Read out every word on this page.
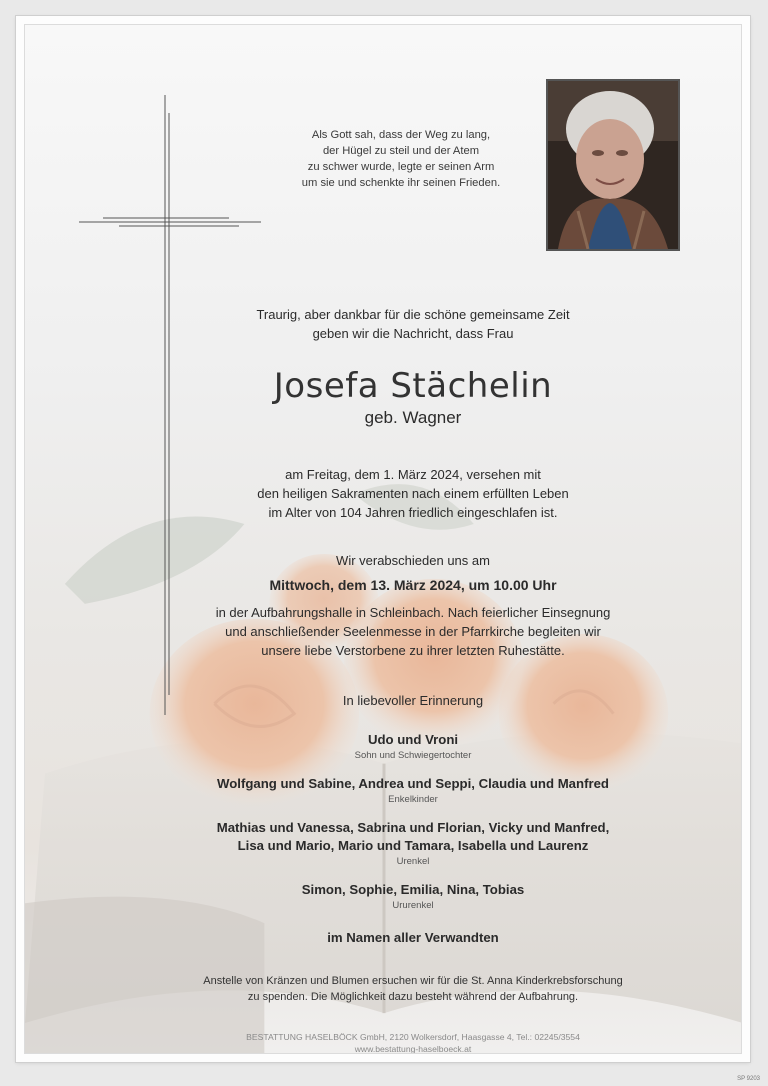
Als Gott sah, dass der Weg zu lang,
der Hügel zu steil und der Atem
zu schwer wurde, legte er seinen Arm
um sie und schenkte ihr seinen Frieden.
Traurig, aber dankbar für die schöne gemeinsame Zeit
geben wir die Nachricht, dass Frau
Josefa Stächelin
geb. Wagner
am Freitag, dem 1. März 2024, versehen mit
den heiligen Sakramenten nach einem erfüllten Leben
im Alter von 104 Jahren friedlich eingeschlafen ist.
Wir verabschieden uns am
Mittwoch, dem 13. März 2024, um 10.00 Uhr
in der Aufbahrungshalle in Schleinbach. Nach feierlicher Einsegnung
und anschließender Seelenmesse in der Pfarrkirche begleiten wir
unsere liebe Verstorbene zu ihrer letzten Ruhestätte.
In liebevoller Erinnerung
Udo und Vroni
Sohn und Schwiegertochter
Wolfgang und Sabine, Andrea und Seppi, Claudia und Manfred
Enkelkinder
Mathias und Vanessa, Sabrina und Florian, Vicky und Manfred,
Lisa und Mario, Mario und Tamara, Isabella und Laurenz
Urenkel
Simon, Sophie, Emilia, Nina, Tobias
Ururenkel
im Namen aller Verwandten
Anstelle von Kränzen und Blumen ersuchen wir für die St. Anna Kinderkrebsforschung
zu spenden. Die Möglichkeit dazu besteht während der Aufbahrung.
BESTATTUNG HASELBÖCK GmbH, 2120 Wolkersdorf, Haasgasse 4, Tel.: 02245/3554
www.bestattung-haselboeck.at
SP 9203
